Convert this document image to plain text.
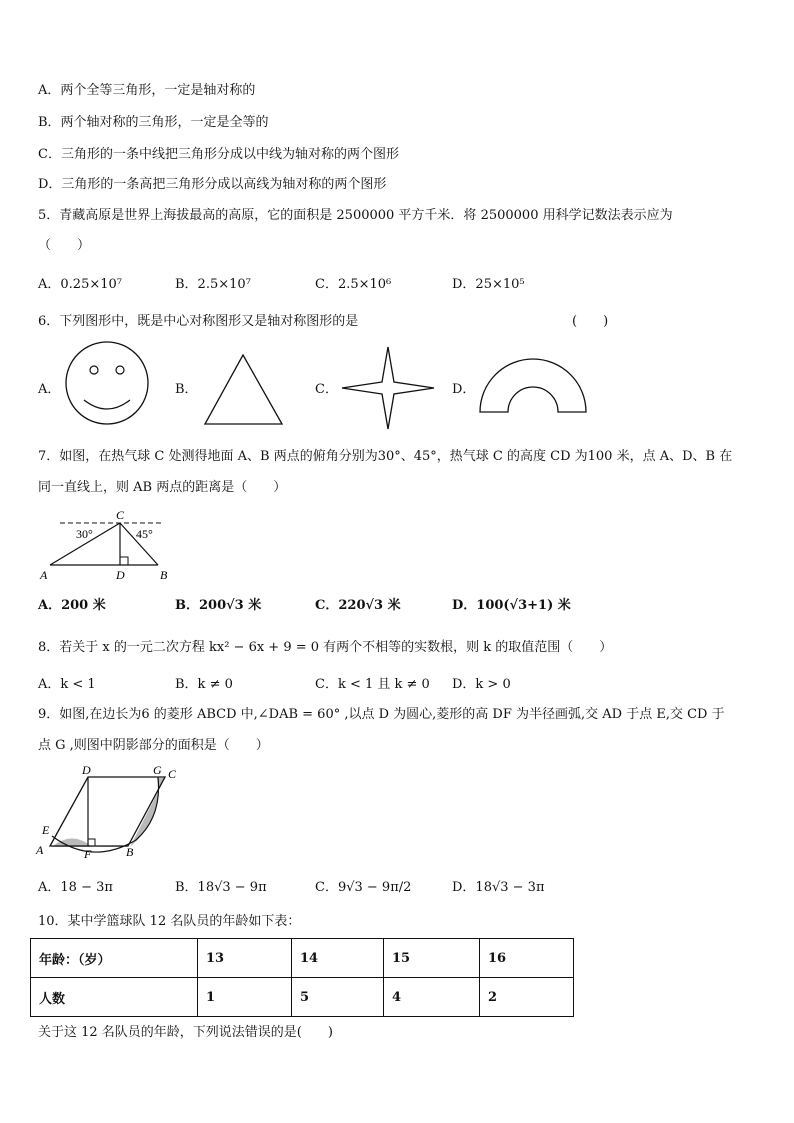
A．两个全等三角形，一定是轴对称的
B．两个轴对称的三角形，一定是全等的
C．三角形的一条中线把三角形分成以中线为轴对称的两个图形
D．三角形的一条高把三角形分成以高线为轴对称的两个图形
5．青藏高原是世界上海拔最高的高原，它的面积是 2500000 平方千米．将 2500000 用科学记数法表示应为
（　　）
A．0.25×10⁷	B．2.5×10⁷	C．2.5×10⁶	D．25×10⁵
6．下列图形中，既是中心对称图形又是轴对称图形的是	(　　)
A．	B．	C．	D．
7．如图，在热气球 C 处测得地面 A、B 两点的俯角分别为30°、45°，热气球 C 的高度 CD 为100 米，点 A、D、B 在
同一直线上，则 AB 两点的距离是（　　）
C
30°	45°
A	D	B
A．200 米	B．200√3 米	C．220√3 米	D．100(√3+1) 米
8．若关于 x 的一元二次方程 kx² − 6x + 9 = 0 有两个不相等的实数根，则 k 的取值范围（　　）
A．k < 1	B．k ≠ 0	C．k < 1 且 k ≠ 0 D．k > 0
9．如图,在边长为6 的菱形 ABCD 中,∠DAB = 60° ,以点 D 为圆心,菱形的高 DF 为半径画弧,交 AD 于点 E,交 CD 于
点 G ,则图中阴影部分的面积是（　　）
D	G C
E
A	F	B
A．18 − 3π	B．18√3 − 9π	C．9√3 − 9π/2	D．18√3 − 3π
10．某中学篮球队 12 名队员的年龄如下表：
年龄：（岁）	13	14	15	16
人数	1	5	4	2
关于这 12 名队员的年龄，下列说法错误的是(　　)
